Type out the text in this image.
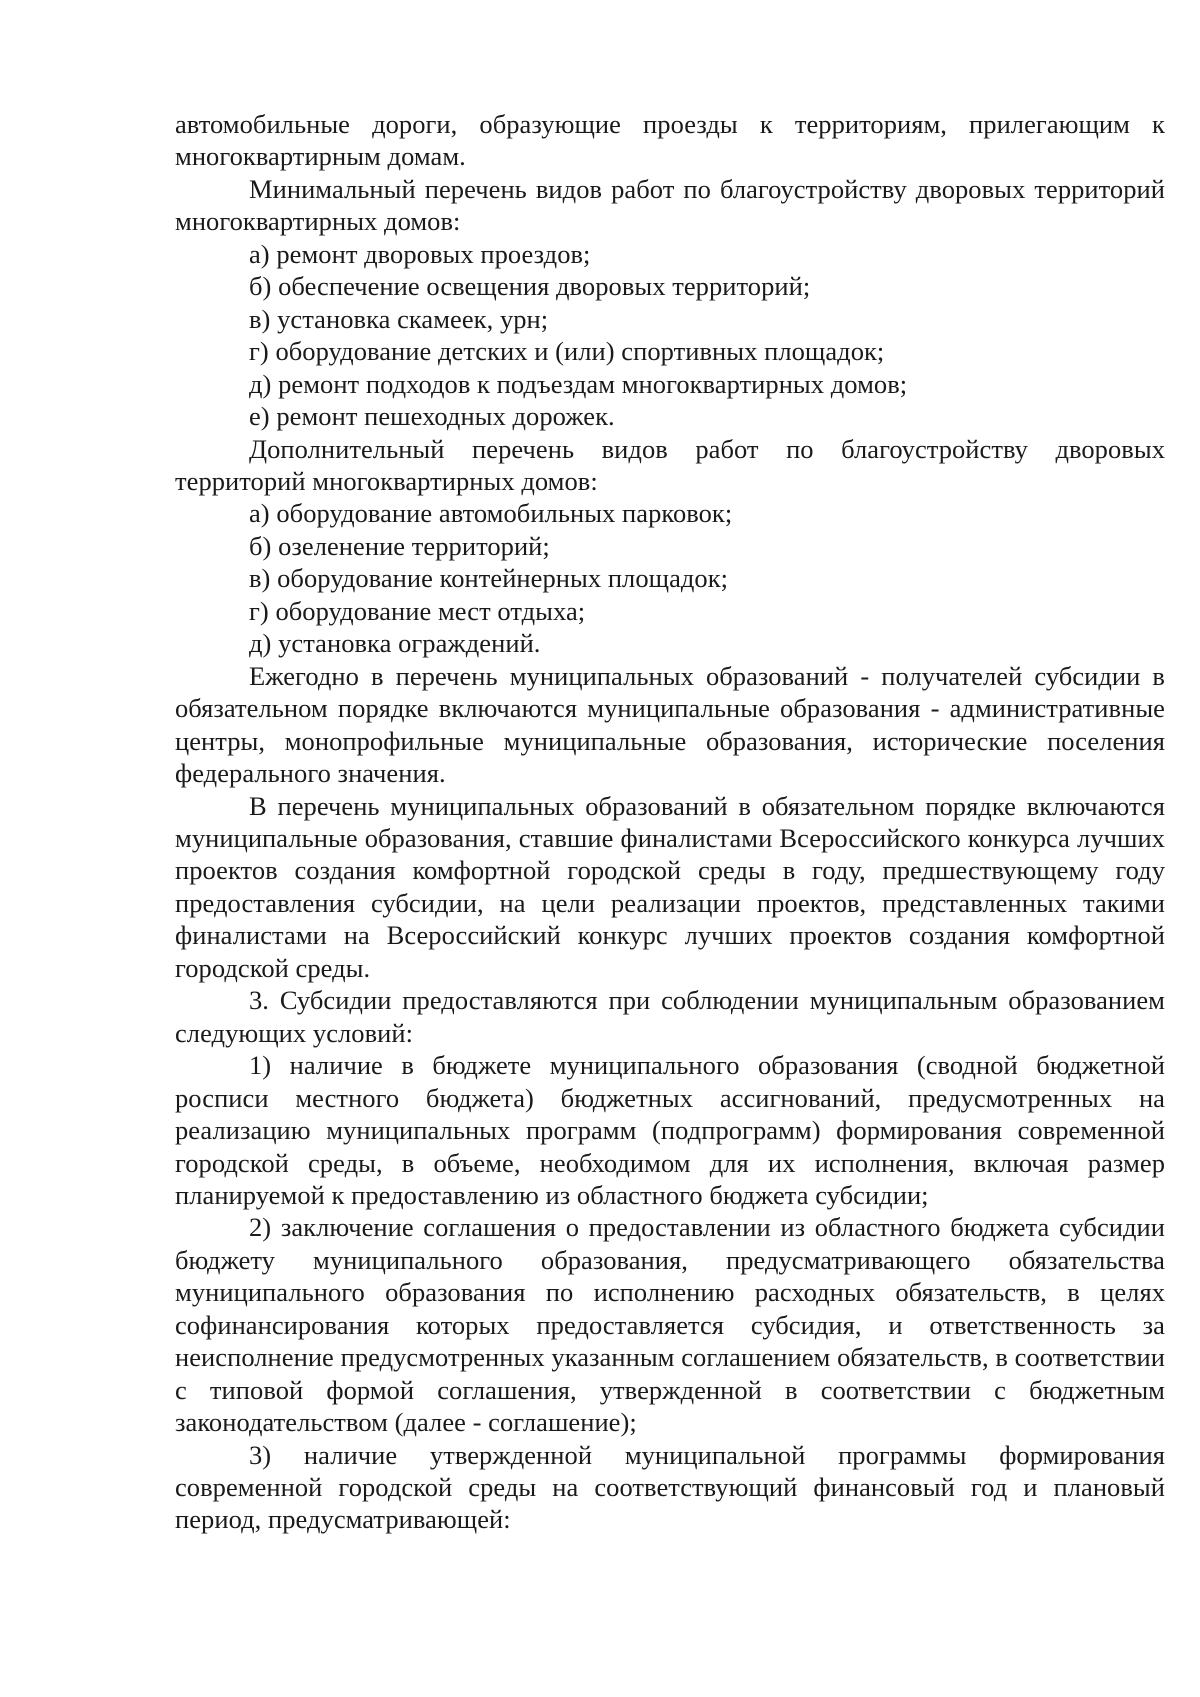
автомобильные дороги, образующие проезды к территориям, прилегающим к многоквартирным домам.

Минимальный перечень видов работ по благоустройству дворовых территорий многоквартирных домов:

а) ремонт дворовых проездов;

б) обеспечение освещения дворовых территорий;

в) установка скамеек, урн;

г) оборудование детских и (или) спортивных площадок;

д) ремонт подходов к подъездам многоквартирных домов;

е) ремонт пешеходных дорожек.

Дополнительный перечень видов работ по благоустройству дворовых территорий многоквартирных домов:

а) оборудование автомобильных парковок;

б) озеленение территорий;

в) оборудование контейнерных площадок;

г) оборудование мест отдыха;

д) установка ограждений.

Ежегодно в перечень муниципальных образований - получателей субсидии в обязательном порядке включаются муниципальные образования - административные центры, монопрофильные муниципальные образования, исторические поселения федерального значения.

В перечень муниципальных образований в обязательном порядке включаются муниципальные образования, ставшие финалистами Всероссийского конкурса лучших проектов создания комфортной городской среды в году, предшествующему году предоставления субсидии, на цели реализации проектов, представленных такими финалистами на Всероссийский конкурс лучших проектов создания комфортной городской среды.

3. Субсидии предоставляются при соблюдении муниципальным образованием следующих условий:

1) наличие в бюджете муниципального образования (сводной бюджетной росписи местного бюджета) бюджетных ассигнований, предусмотренных на реализацию муниципальных программ (подпрограмм) формирования современной городской среды, в объеме, необходимом для их исполнения, включая размер планируемой к предоставлению из областного бюджета субсидии;

2) заключение соглашения о предоставлении из областного бюджета субсидии бюджету муниципального образования, предусматривающего обязательства муниципального образования по исполнению расходных обязательств, в целях софинансирования которых предоставляется субсидия, и ответственность за неисполнение предусмотренных указанным соглашением обязательств, в соответствии с типовой формой соглашения, утвержденной в соответствии с бюджетным законодательством (далее - соглашение);

3) наличие утвержденной муниципальной программы формирования современной городской среды на соответствующий финансовый год и плановый период, предусматривающей:
